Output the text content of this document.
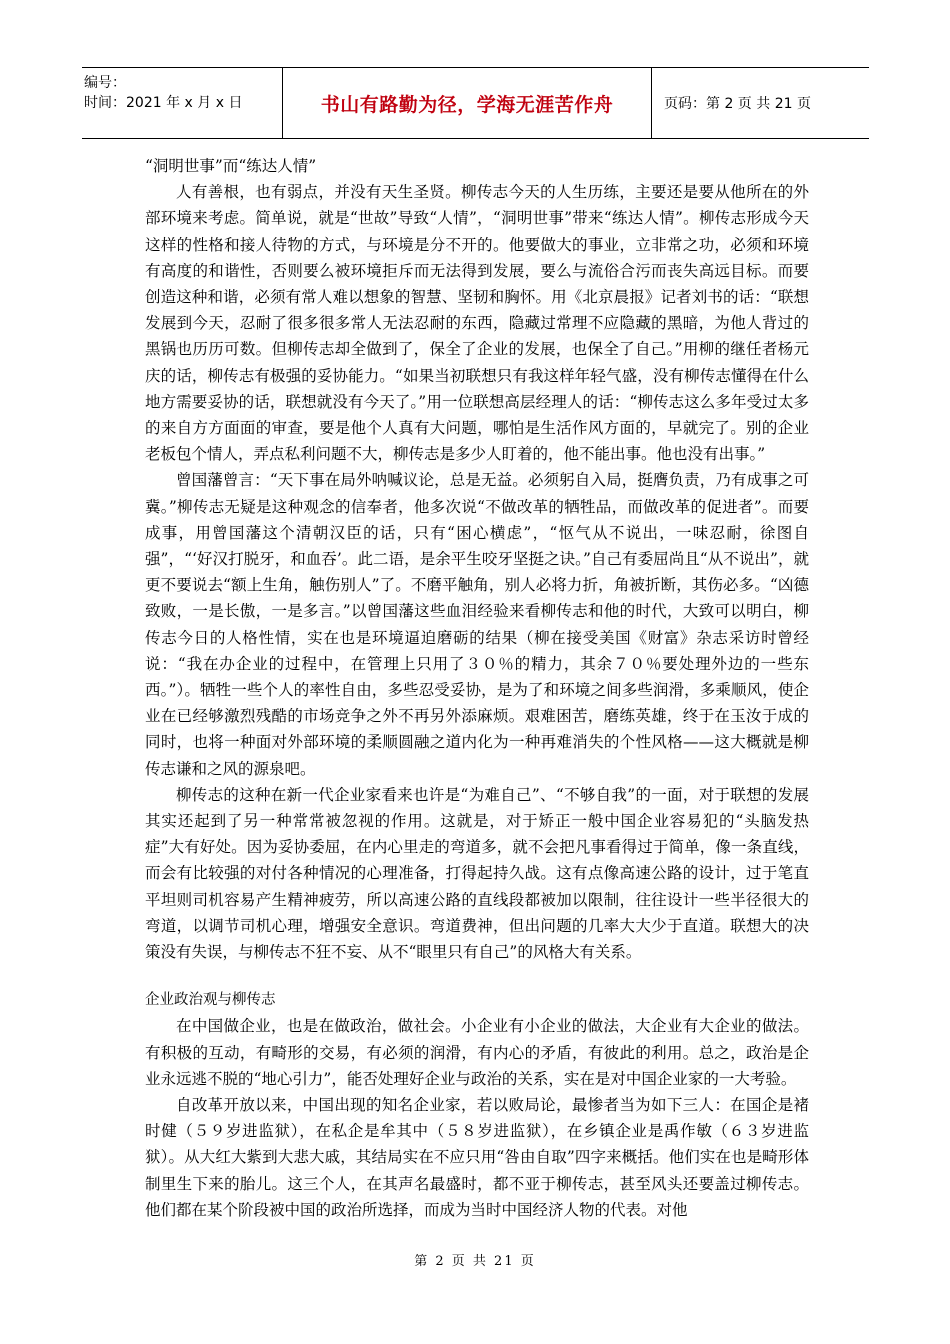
编号：
时间：2021 年 x 月 x 日	书山有路勤为径，学海无涯苦作舟	页码：第 2 页 共 21 页

“洞明世事”而“练达人情”

人有善根，也有弱点，并没有天生圣贤。柳传志今天的人生历练，主要还是要从他所在的外部环境来考虑。简单说，就是“世故”导致“人情”，“洞明世事”带来“练达人情”。柳传志形成今天这样的性格和接人待物的方式，与环境是分不开的。他要做大的事业，立非常之功，必须和环境有高度的和谐性，否则要么被环境拒斥而无法得到发展，要么与流俗合污而丧失高远目标。而要创造这种和谐，必须有常人难以想象的智慧、坚韧和胸怀。用《北京晨报》记者刘书的话：“联想发展到今天，忍耐了很多很多常人无法忍耐的东西，隐藏过常理不应隐藏的黑暗，为他人背过的黑锅也历历可数。但柳传志却全做到了，保全了企业的发展，也保全了自己。”用柳的继任者杨元庆的话，柳传志有极强的妥协能力。“如果当初联想只有我这样年轻气盛，没有柳传志懂得在什么地方需要妥协的话，联想就没有今天了。”用一位联想高层经理人的话：“柳传志这么多年受过太多的来自方方面面的审查，要是他个人真有大问题，哪怕是生活作风方面的，早就完了。别的企业老板包个情人，弄点私利问题不大，柳传志是多少人盯着的，他不能出事。他也没有出事。”

曾国藩曾言：“天下事在局外呐喊议论，总是无益。必须躬自入局，挺膺负责，乃有成事之可冀。”柳传志无疑是这种观念的信奉者，他多次说“不做改革的牺牲品，而做改革的促进者”。而要成事，用曾国藩这个清朝汉臣的话，只有“困心横虑”，“怄气从不说出，一味忍耐，徐图自强”，“‘好汉打脱牙，和血吞’。此二语，是余平生咬牙坚挺之诀。”自己有委屈尚且“从不说出”，就更不要说去“额上生角，触伤别人”了。不磨平触角，别人必将力折，角被折断，其伤必多。“凶德致败，一是长傲，一是多言。”以曾国藩这些血泪经验来看柳传志和他的时代，大致可以明白，柳传志今日的人格性情，实在也是环境逼迫磨砺的结果（柳在接受美国《财富》杂志采访时曾经说：“我在办企业的过程中，在管理上只用了３０％的精力，其余７０％要处理外边的一些东西。”）。牺牲一些个人的率性自由，多些忍受妥协，是为了和环境之间多些润滑，多乘顺风，使企业在已经够激烈残酷的市场竞争之外不再另外添麻烦。艰难困苦，磨练英雄，终于在玉汝于成的同时，也将一种面对外部环境的柔顺圆融之道内化为一种再难消失的个性风格——这大概就是柳传志谦和之风的源泉吧。

柳传志的这种在新一代企业家看来也许是“为难自己”、“不够自我”的一面，对于联想的发展其实还起到了另一种常常被忽视的作用。这就是，对于矫正一般中国企业容易犯的“头脑发热症”大有好处。因为妥协委屈，在内心里走的弯道多，就不会把凡事看得过于简单，像一条直线，而会有比较强的对付各种情况的心理准备，打得起持久战。这有点像高速公路的设计，过于笔直平坦则司机容易产生精神疲劳，所以高速公路的直线段都被加以限制，往往设计一些半径很大的弯道，以调节司机心理，增强安全意识。弯道费神，但出问题的几率大大少于直道。联想大的决策没有失误，与柳传志不狂不妄、从不“眼里只有自己”的风格大有关系。

企业政治观与柳传志

在中国做企业，也是在做政治，做社会。小企业有小企业的做法，大企业有大企业的做法。有积极的互动，有畸形的交易，有必须的润滑，有内心的矛盾，有彼此的利用。总之，政治是企业永远逃不脱的“地心引力”，能否处理好企业与政治的关系，实在是对中国企业家的一大考验。

自改革开放以来，中国出现的知名企业家，若以败局论，最惨者当为如下三人：在国企是褚时健（５９岁进监狱），在私企是牟其中（５８岁进监狱），在乡镇企业是禹作敏（６３岁进监狱）。从大红大紫到大悲大戚，其结局实在不应只用“咎由自取”四字来概括。他们实在也是畸形体制里生下来的胎儿。这三个人，在其声名最盛时，都不亚于柳传志，甚至风头还要盖过柳传志。他们都在某个阶段被中国的政治所选择，而成为当时中国经济人物的代表。对他

第 2 页 共 21 页
